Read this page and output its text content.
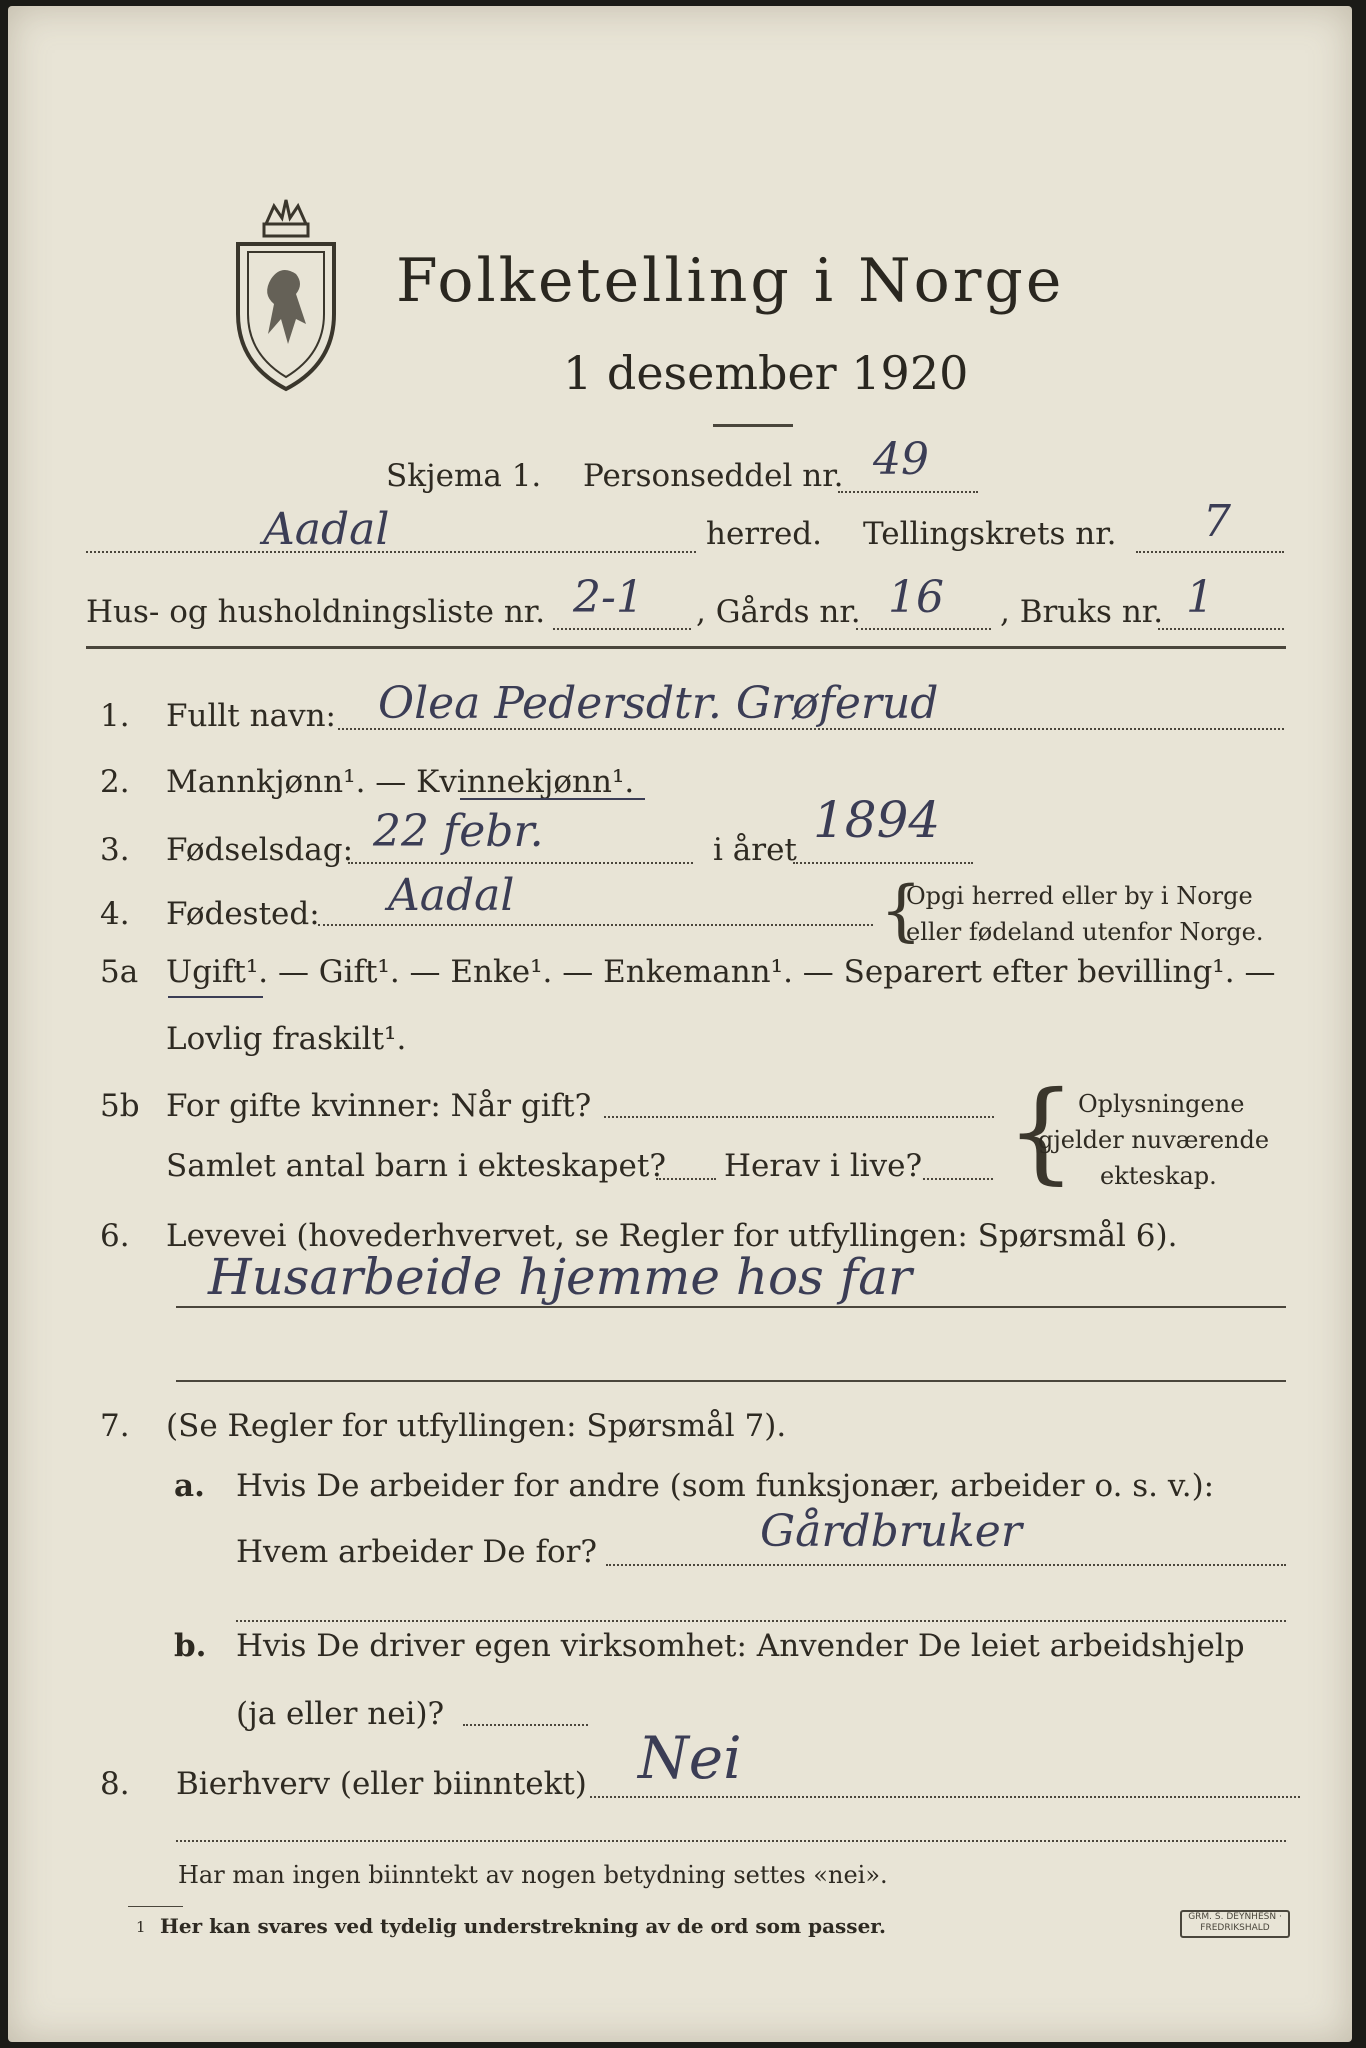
Folketelling i Norge
1 desember 1920
Skjema 1. Personseddel nr. 49
Aadal	herred. Tellingskrets nr. 7
Hus- og husholdningsliste nr. 2-1 , Gårds nr. 16 , Bruks nr. 1
1. Fullt navn: Olea Pedersdtr. Grøferud
2. Mannkjønn¹. — Kvinnekjønn¹.
3. Fødselsdag: 22 febr.	i året
1894
4. Fødested: Aadal	{
Opgi herred eller by i Norge
eller fødeland utenfor Norge.
5a Ugift¹. — Gift¹. — Enke¹. — Enkemann¹. — Separert efter bevilling¹. —
Lovlig fraskilt¹.
5b For gifte kvinner: Når gift?
Samlet antal barn i ekteskapet? Herav i live? { Oplysningene
gjelder nuværende
ekteskap.
6. Levevei (hovederhvervet, se Regler for utfyllingen: Spørsmål 6).
Husarbeide hjemme hos far
7. (Se Regler for utfyllingen: Spørsmål 7).
a. Hvis De arbeider for andre (som funksjonær, arbeider o. s. v.):
Hvem arbeider De for?	Gårdbruker
b. Hvis De driver egen virksomhet: Anvender De leiet arbeidshjelp
(ja eller nei)?
8. Bierhverv (eller biinntekt) Nei
Har man ingen biinntekt av nogen betydning settes «nei».
1 Her kan svares ved tydelig understrekning av de ord som passer.	GRM. S. DEYNHESN · FREDRIKSHALD
